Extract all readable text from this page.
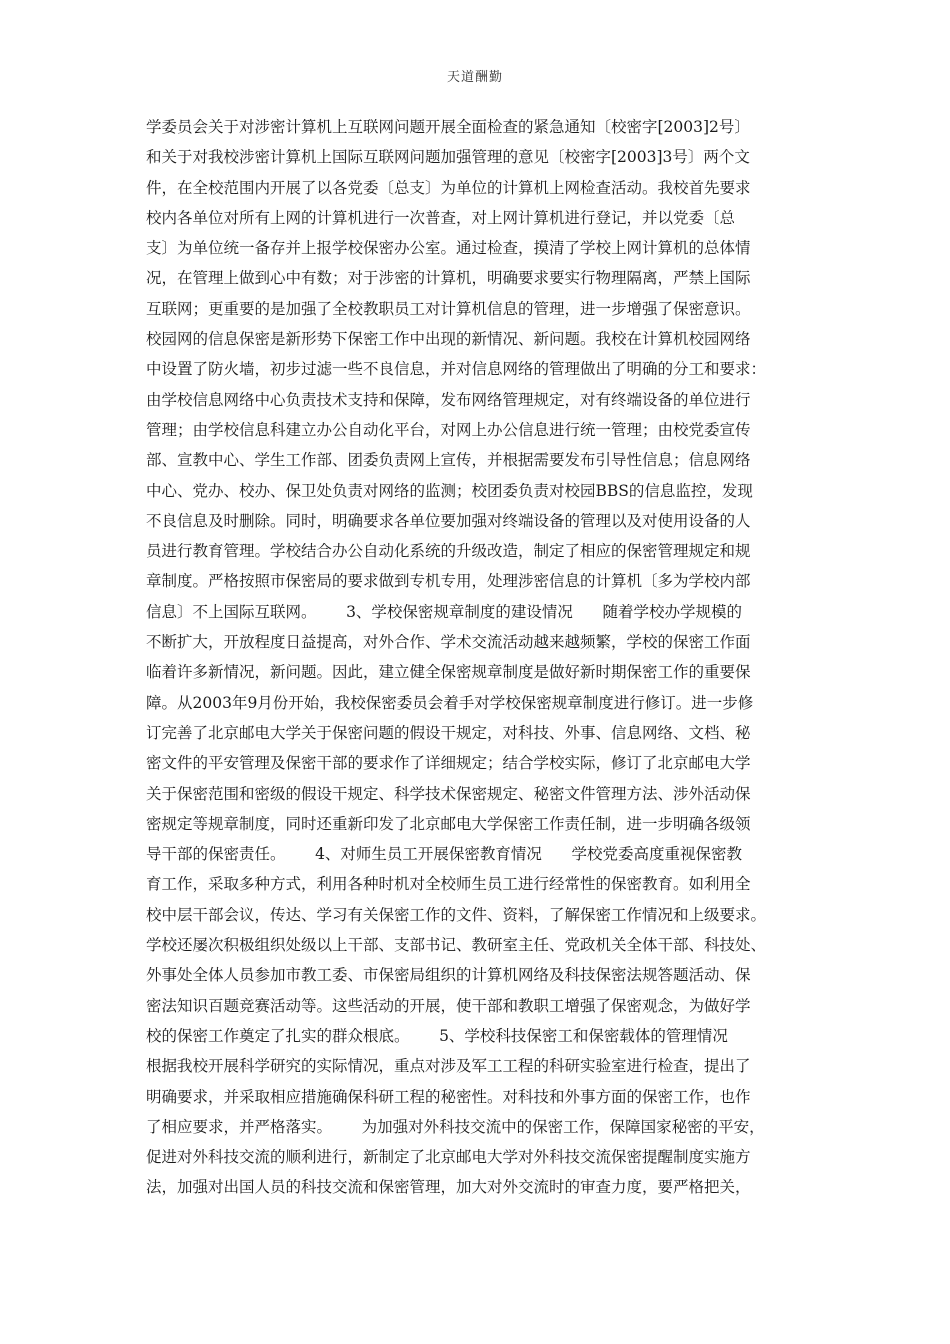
天道酬勤
学委员会关于对涉密计算机上互联网问题开展全面检查的紧急通知〔校密字[2003]2号〕
和关于对我校涉密计算机上国际互联网问题加强管理的意见〔校密字[2003]3号〕两个文
件，在全校范围内开展了以各党委〔总支〕为单位的计算机上网检查活动。我校首先要求
校内各单位对所有上网的计算机进行一次普查，对上网计算机进行登记，并以党委〔总
支〕为单位统一备存并上报学校保密办公室。通过检查，摸清了学校上网计算机的总体情
况，在管理上做到心中有数；对于涉密的计算机，明确要求要实行物理隔离，严禁上国际
互联网；更重要的是加强了全校教职员工对计算机信息的管理，进一步增强了保密意识。
校园网的信息保密是新形势下保密工作中出现的新情况、新问题。我校在计算机校园网络
中设置了防火墙，初步过滤一些不良信息，并对信息网络的管理做出了明确的分工和要求：
由学校信息网络中心负责技术支持和保障，发布网络管理规定，对有终端设备的单位进行
管理；由学校信息科建立办公自动化平台，对网上办公信息进行统一管理；由校党委宣传
部、宣教中心、学生工作部、团委负责网上宣传，并根据需要发布引导性信息；信息网络
中心、党办、校办、保卫处负责对网络的监测；校团委负责对校园BBS的信息监控，发现
不良信息及时删除。同时，明确要求各单位要加强对终端设备的管理以及对使用设备的人
员进行教育管理。学校结合办公自动化系统的升级改造，制定了相应的保密管理规定和规
章制度。严格按照市保密局的要求做到专机专用，处理涉密信息的计算机〔多为学校内部
信息〕不上国际互联网。      3、学校保密规章制度的建设情况      随着学校办学规模的
不断扩大，开放程度日益提高，对外合作、学术交流活动越来越频繁，学校的保密工作面
临着许多新情况，新问题。因此，建立健全保密规章制度是做好新时期保密工作的重要保
障。从2003年9月份开始，我校保密委员会着手对学校保密规章制度进行修订。进一步修
订完善了北京邮电大学关于保密问题的假设干规定，对科技、外事、信息网络、文档、秘
密文件的平安管理及保密干部的要求作了详细规定；结合学校实际，修订了北京邮电大学
关于保密范围和密级的假设干规定、科学技术保密规定、秘密文件管理方法、涉外活动保
密规定等规章制度，同时还重新印发了北京邮电大学保密工作责任制，进一步明确各级领
导干部的保密责任。      4、对师生员工开展保密教育情况      学校党委高度重视保密教
育工作，采取多种方式，利用各种时机对全校师生员工进行经常性的保密教育。如利用全
校中层干部会议，传达、学习有关保密工作的文件、资料，了解保密工作情况和上级要求。
学校还屡次积极组织处级以上干部、支部书记、教研室主任、党政机关全体干部、科技处、
外事处全体人员参加市教工委、市保密局组织的计算机网络及科技保密法规答题活动、保
密法知识百题竞赛活动等。这些活动的开展，使干部和教职工增强了保密观念，为做好学
校的保密工作奠定了扎实的群众根底。      5、学校科技保密工和保密载体的管理情况
根据我校开展科学研究的实际情况，重点对涉及军工工程的科研实验室进行检查，提出了
明确要求，并采取相应措施确保科研工程的秘密性。对科技和外事方面的保密工作，也作
了相应要求，并严格落实。      为加强对外科技交流中的保密工作，保障国家秘密的平安，
促进对外科技交流的顺利进行，新制定了北京邮电大学对外科技交流保密提醒制度实施方
法，加强对出国人员的科技交流和保密管理，加大对外交流时的审查力度，要严格把关，
